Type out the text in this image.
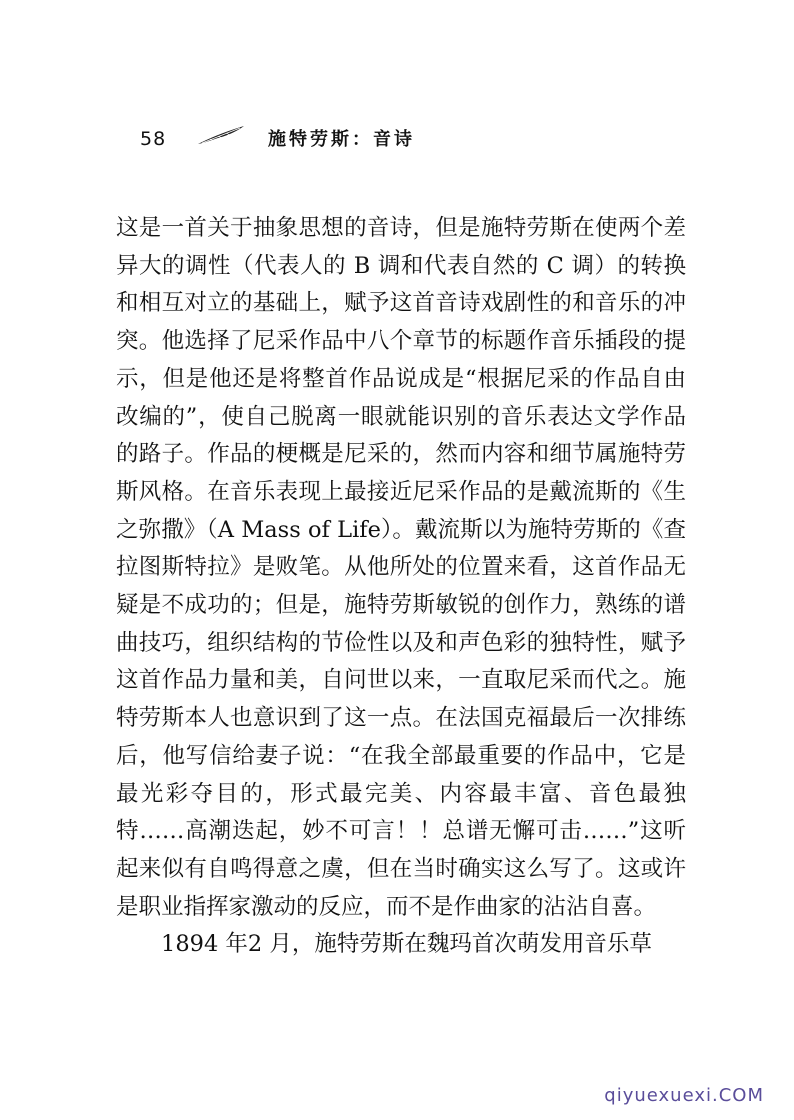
58	施特劳斯：音诗

这是一首关于抽象思想的音诗，但是施特劳斯在使两个差异大的调性（代表人的 B 调和代表自然的 C 调）的转换和相互对立的基础上，赋予这首音诗戏剧性的和音乐的冲突。他选择了尼采作品中八个章节的标题作音乐插段的提示，但是他还是将整首作品说成是“根据尼采的作品自由改编的”，使自己脱离一眼就能识别的音乐表达文学作品的路子。作品的梗概是尼采的，然而内容和细节属施特劳斯风格。在音乐表现上最接近尼采作品的是戴流斯的《生之弥撒》（A Mass of Life）。戴流斯以为施特劳斯的《查拉图斯特拉》是败笔。从他所处的位置来看，这首作品无疑是不成功的；但是，施特劳斯敏锐的创作力，熟练的谱曲技巧，组织结构的节俭性以及和声色彩的独特性，赋予这首作品力量和美，自问世以来，一直取尼采而代之。施特劳斯本人也意识到了这一点。在法国克福最后一次排练后，他写信给妻子说：“在我全部最重要的作品中，它是最光彩夺目的，形式最完美、内容最丰富、音色最独特……高潮迭起，妙不可言！！总谱无懈可击……”这听起来似有自鸣得意之虞，但在当时确实这么写了。这或许是职业指挥家激动的反应，而不是作曲家的沾沾自喜。

1894 年2 月，施特劳斯在魏玛首次萌发用音乐草

qiyuexuexi.COM
